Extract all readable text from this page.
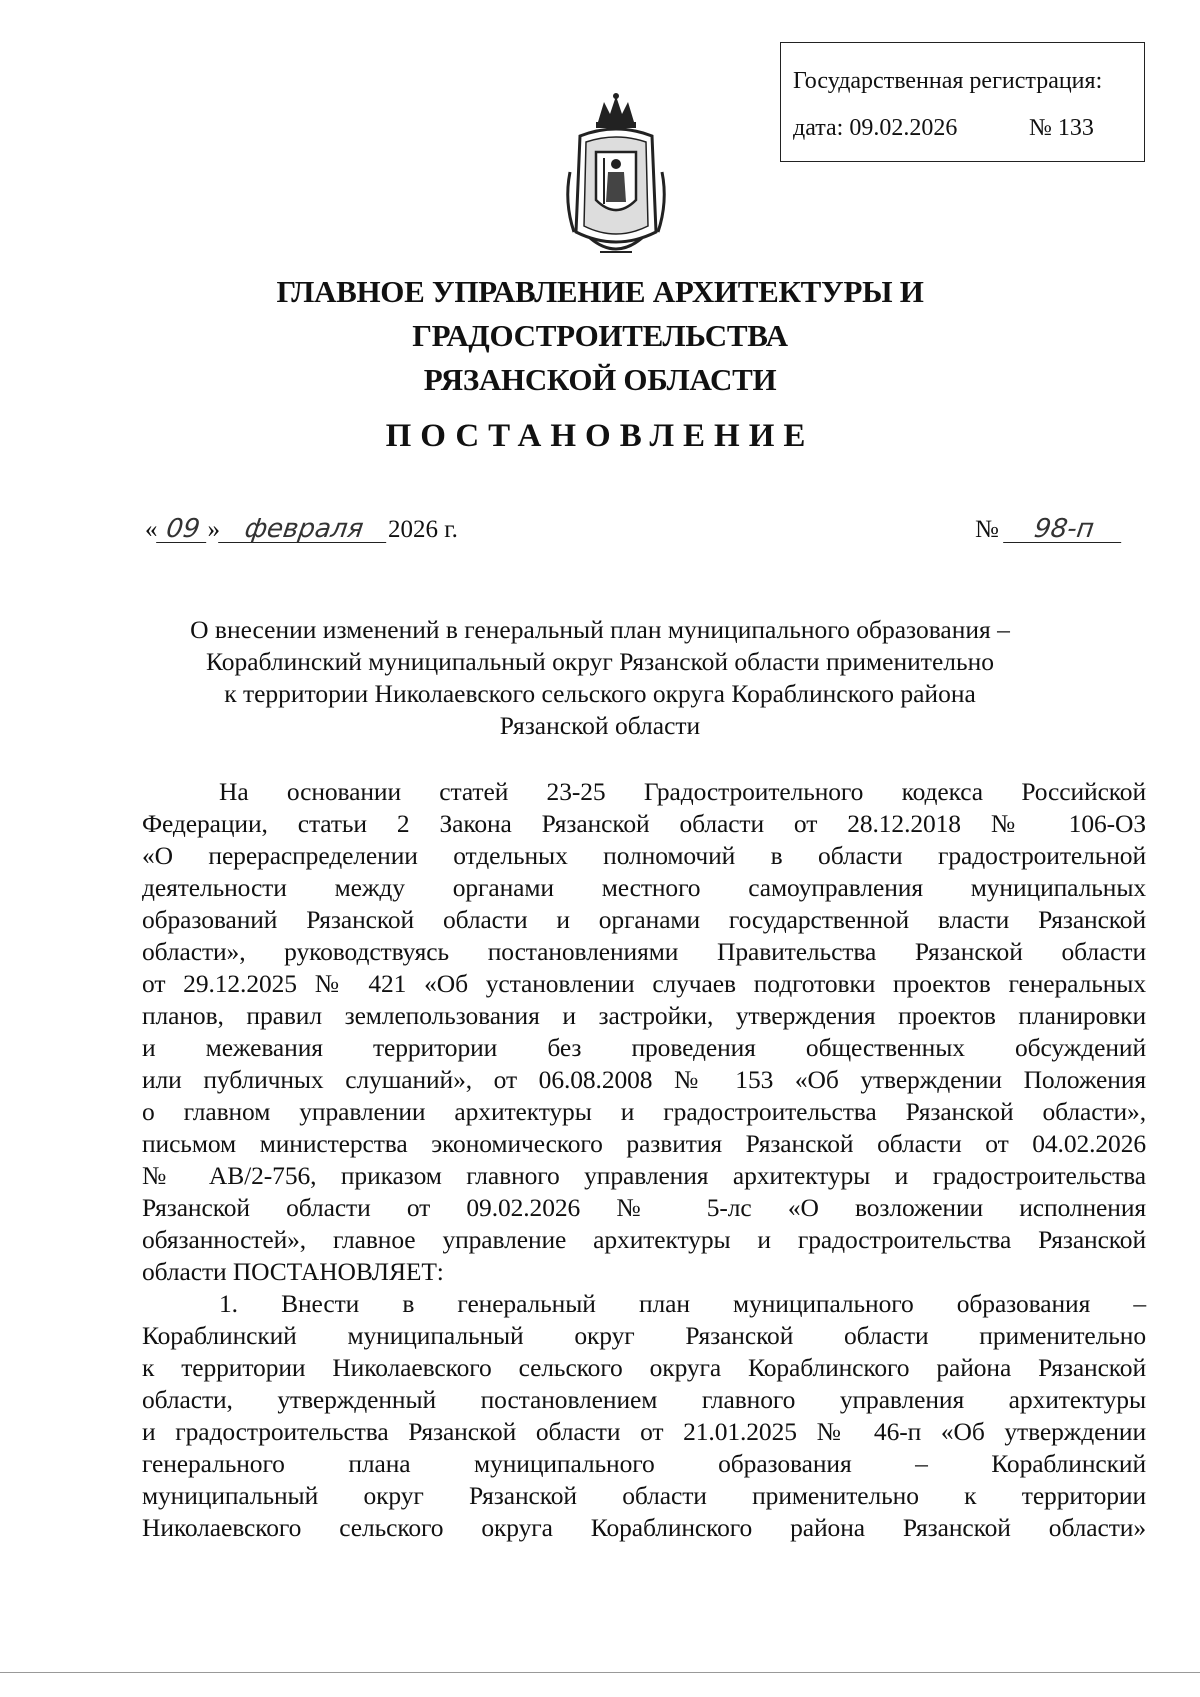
Государственная регистрация:
дата: 09.02.2026	№ 133
ГЛАВНОЕ УПРАВЛЕНИЕ АРХИТЕКТУРЫ И ГРАДОСТРОИТЕЛЬСТВА
РЯЗАНСКОЙ ОБЛАСТИ
ПОСТАНОВЛЕНИЕ
« 09 » февраля 2026 г.	№ 98-п
О внесении изменений в генеральный план муниципального образования –
Кораблинский муниципальный округ Рязанской области применительно
к территории Николаевского сельского округа Кораблинского района
Рязанской области
На основании статей 23-25 Градостроительного кодекса Российской
Федерации, статьи 2 Закона Рязанской области от 28.12.2018 № 106-ОЗ
«О перераспределении отдельных полномочий в области градостроительной
деятельности между органами местного самоуправления муниципальных
образований Рязанской области и органами государственной власти Рязанской
области», руководствуясь постановлениями Правительства Рязанской области
от 29.12.2025 № 421 «Об установлении случаев подготовки проектов генеральных
планов, правил землепользования и застройки, утверждения проектов планировки
и межевания территории без проведения общественных обсуждений
или публичных слушаний», от 06.08.2008 № 153 «Об утверждении Положения
о главном управлении архитектуры и градостроительства Рязанской области»,
письмом министерства экономического развития Рязанской области от 04.02.2026
№ АВ/2-756, приказом главного управления архитектуры и градостроительства
Рязанской области от 09.02.2026 № 5-лс «О возложении исполнения
обязанностей», главное управление архитектуры и градостроительства Рязанской
области ПОСТАНОВЛЯЕТ:
1. Внести в генеральный план муниципального образования –
Кораблинский муниципальный округ Рязанской области применительно
к территории Николаевского сельского округа Кораблинского района Рязанской
области, утвержденный постановлением главного управления архитектуры
и градостроительства Рязанской области от 21.01.2025 № 46-п «Об утверждении
генерального плана муниципального образования – Кораблинский
муниципальный округ Рязанской области применительно к территории
Николаевского сельского округа Кораблинского района Рязанской области»
